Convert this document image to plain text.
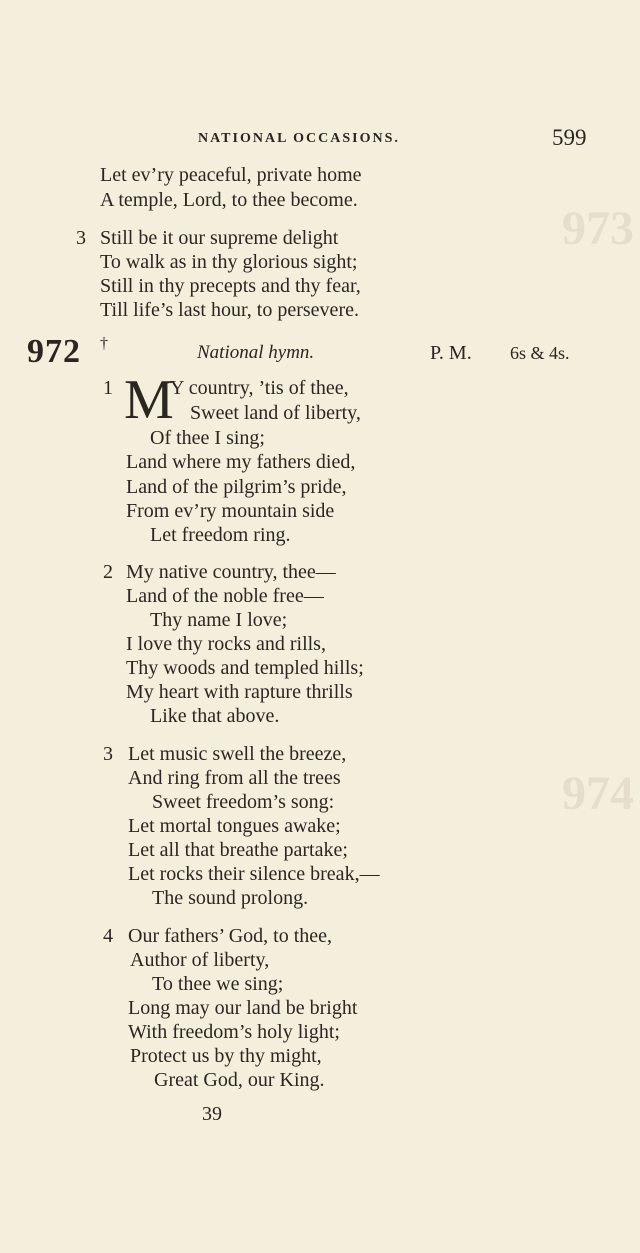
973
974
NATIONAL OCCASIONS.	599
Let ev’ry peaceful, private home
A temple, Lord, to thee become.
3 Still be it our supreme delight
To walk as in thy glorious sight;
Still in thy precepts and thy fear,
Till life’s last hour, to persevere.
972 †	National hymn.	P. M. 6s & 4s.
1 M
Y country, ’tis of thee,
Sweet land of liberty,
Of thee I sing;
Land where my fathers died,
Land of the pilgrim’s pride,
From ev’ry mountain side
Let freedom ring.
2 My native country, thee—
Land of the noble free—
Thy name I love;
I love thy rocks and rills,
Thy woods and templed hills;
My heart with rapture thrills
Like that above.
3 Let music swell the breeze,
And ring from all the trees
Sweet freedom’s song:
Let mortal tongues awake;
Let all that breathe partake;
Let rocks their silence break,—
The sound prolong.
4 Our fathers’ God, to thee,
Author of liberty,
To thee we sing;
Long may our land be bright
With freedom’s holy light;
Protect us by thy might,
Great God, our King.
39
